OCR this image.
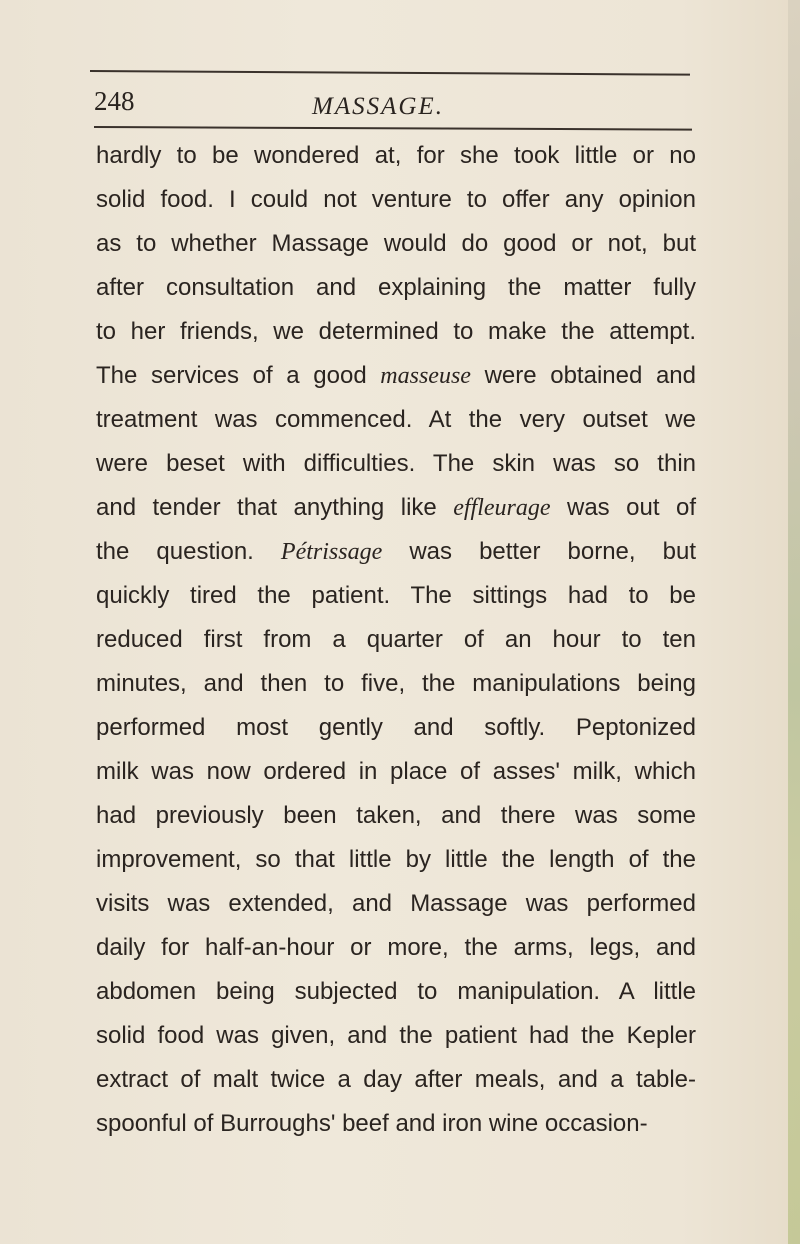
248	MASSAGE.
hardly to be wondered at, for she took little or no
solid food. I could not venture to offer any opinion
as to whether Massage would do good or not, but
after consultation and explaining the matter fully
to her friends, we determined to make the attempt.
The services of a good masseuse were obtained and
treatment was commenced. At the very outset we
were beset with difficulties. The skin was so thin
and tender that anything like effleurage was out of
the question. Pétrissage was better borne, but
quickly tired the patient. The sittings had to be
reduced first from a quarter of an hour to ten
minutes, and then to five, the manipulations being
performed most gently and softly. Peptonized
milk was now ordered in place of asses' milk, which
had previously been taken, and there was some
improvement, so that little by little the length of the
visits was extended, and Massage was performed
daily for half-an-hour or more, the arms, legs, and
abdomen being subjected to manipulation. A little
solid food was given, and the patient had the Kepler
extract of malt twice a day after meals, and a table-
spoonful of Burroughs' beef and iron wine occasion-
